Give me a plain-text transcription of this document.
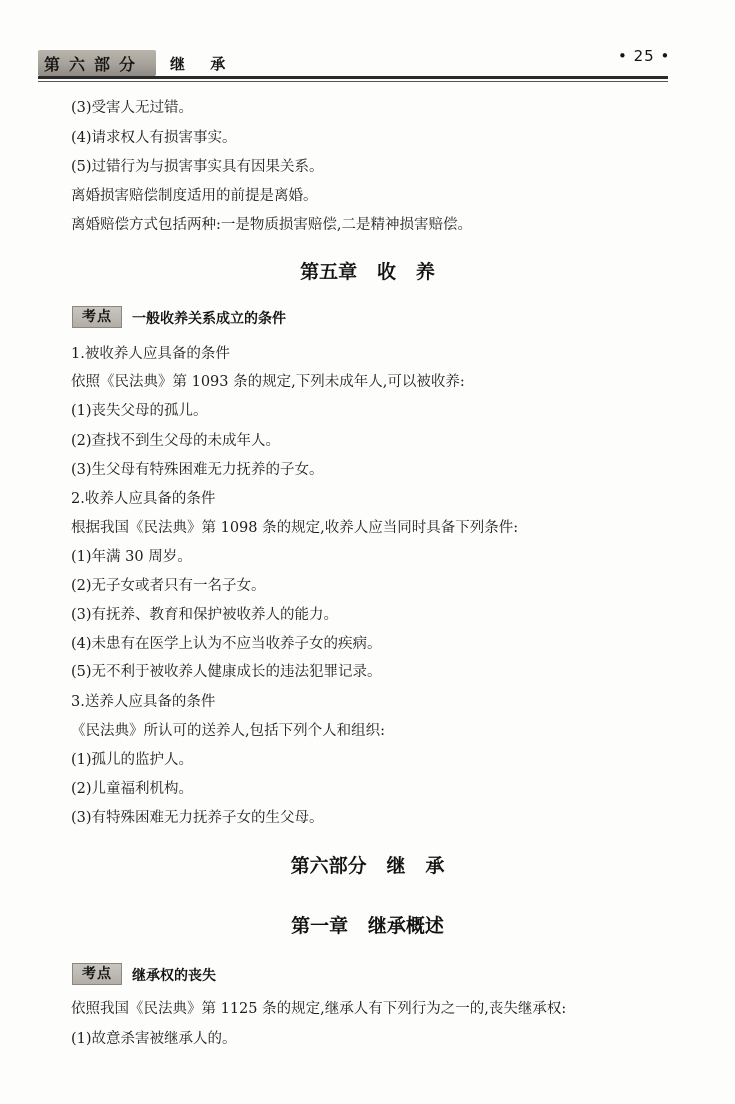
第六部分 继 承	• 25 •
(3)受害人无过错。
(4)请求权人有损害事实。
(5)过错行为与损害事实具有因果关系。
离婚损害赔偿制度适用的前提是离婚。
离婚赔偿方式包括两种:一是物质损害赔偿,二是精神损害赔偿。
第五章   收   养
考点	一般收养关系成立的条件
1.被收养人应具备的条件
依照《民法典》第 1093 条的规定,下列未成年人,可以被收养:
(1)丧失父母的孤儿。
(2)查找不到生父母的未成年人。
(3)生父母有特殊困难无力抚养的子女。
2.收养人应具备的条件
根据我国《民法典》第 1098 条的规定,收养人应当同时具备下列条件:
(1)年满 30 周岁。
(2)无子女或者只有一名子女。
(3)有抚养、教育和保护被收养人的能力。
(4)未患有在医学上认为不应当收养子女的疾病。
(5)无不利于被收养人健康成长的违法犯罪记录。
3.送养人应具备的条件
《民法典》所认可的送养人,包括下列个人和组织:
(1)孤儿的监护人。
(2)儿童福利机构。
(3)有特殊困难无力抚养子女的生父母。
第六部分   继   承
第一章   继承概述
考点	继承权的丧失
依照我国《民法典》第 1125 条的规定,继承人有下列行为之一的,丧失继承权:
(1)故意杀害被继承人的。
